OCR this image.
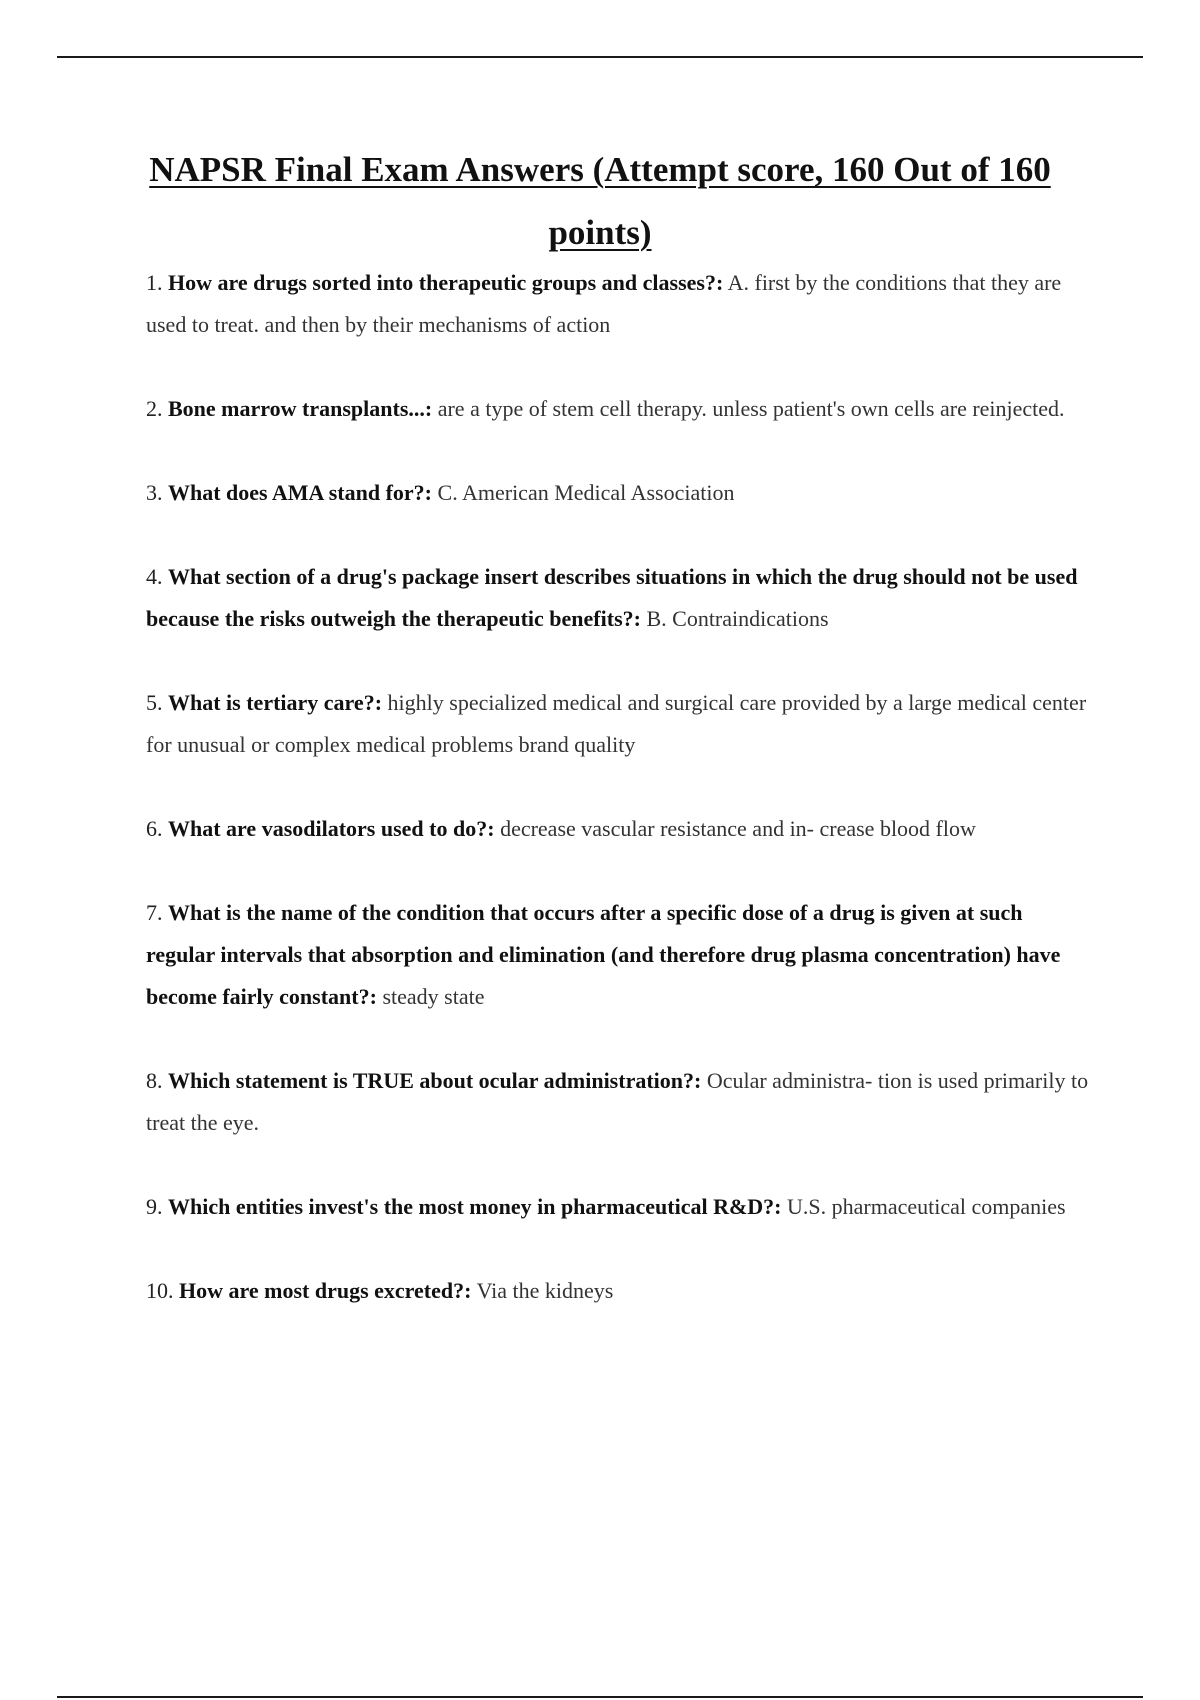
NAPSR Final Exam Answers (Attempt score, 160 Out of 160 points)
1. How are drugs sorted into therapeutic groups and classes?: A. first by the conditions that they are used to treat. and then by their mechanisms of action
2. Bone marrow transplants...: are a type of stem cell therapy. unless patient's own cells are reinjected.
3. What does AMA stand for?: C. American Medical Association
4. What section of a drug's package insert describes situations in which the drug should not be used because the risks outweigh the therapeutic benefits?: B. Contraindications
5. What is tertiary care?: highly specialized medical and surgical care provided by a large medical center for unusual or complex medical problems brand quality
6. What are vasodilators used to do?: decrease vascular resistance and in- crease blood flow
7. What is the name of the condition that occurs after a specific dose of a drug is given at such regular intervals that absorption and elimination (and therefore drug plasma concentration) have become fairly constant?: steady state
8. Which statement is TRUE about ocular administration?: Ocular administra- tion is used primarily to treat the eye.
9. Which entities invest's the most money in pharmaceutical R&D?: U.S. pharmaceutical companies
10. How are most drugs excreted?: Via the kidneys
